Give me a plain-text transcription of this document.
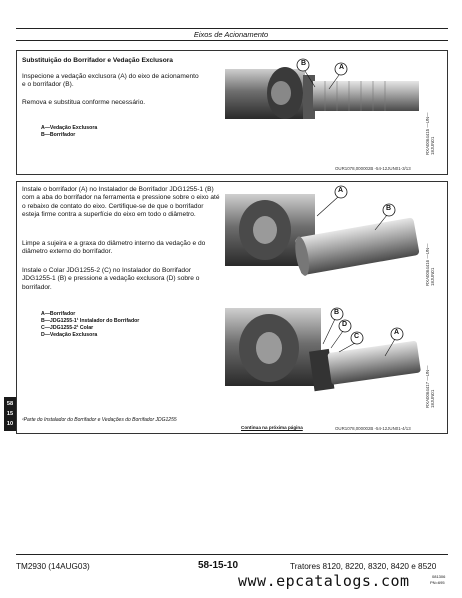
Eixos de Acionamento
Substituição do Borrifador e Vedação Exclusora
Inspecione a vedação exclusora (A) do eixo de acionamento e o borrifador (B).
Remova e substitua conforme necessário.
A—Vedação Exclusora
B—Borrifador
B
A
RXA0064415 —UN—18JUN01
OUR1078,000002B -54-12JUN01-3/13
Instale o borrifador (A) no Instalador de Borrifador JDG1255-1 (B) com a aba do borrifador na ferramenta e pressione sobre o eixo até o rebaixo de contato do eixo. Certifique-se de que o borrifador esteja firme contra a superfície do eixo em todo o diâmetro.
Limpe a sujeira e a graxa do diâmetro interno da vedação e do diâmetro externo do borrifador.
Instale o Colar JDG1255-2 (C) no Instalador do Borrifador JDG1255-1 (B) e pressione a vedação exclusora (D) sobre o borrifador.
A—Borrifador
B—JDG1255-1¹ Instalador do Borrifador
C—JDG1255-2¹ Colar
D—Vedação Exclusora
¹Parte do Instalador do Borrifador e Vedações do Borrifador JDG1255
A
B
RXA0064416 —UN—18JUN01
B
D
C
A
RXA0064417 —UN—18JUN01
Continua na próxima página	OUR1078,000002B -54-12JUN01-4/13
58
15
10
TM2930 (14AUG03)	58-15-10	Tratores 8120, 8220, 8320, 8420 e 8520
081306
PN=695
www.epcatalogs.com
